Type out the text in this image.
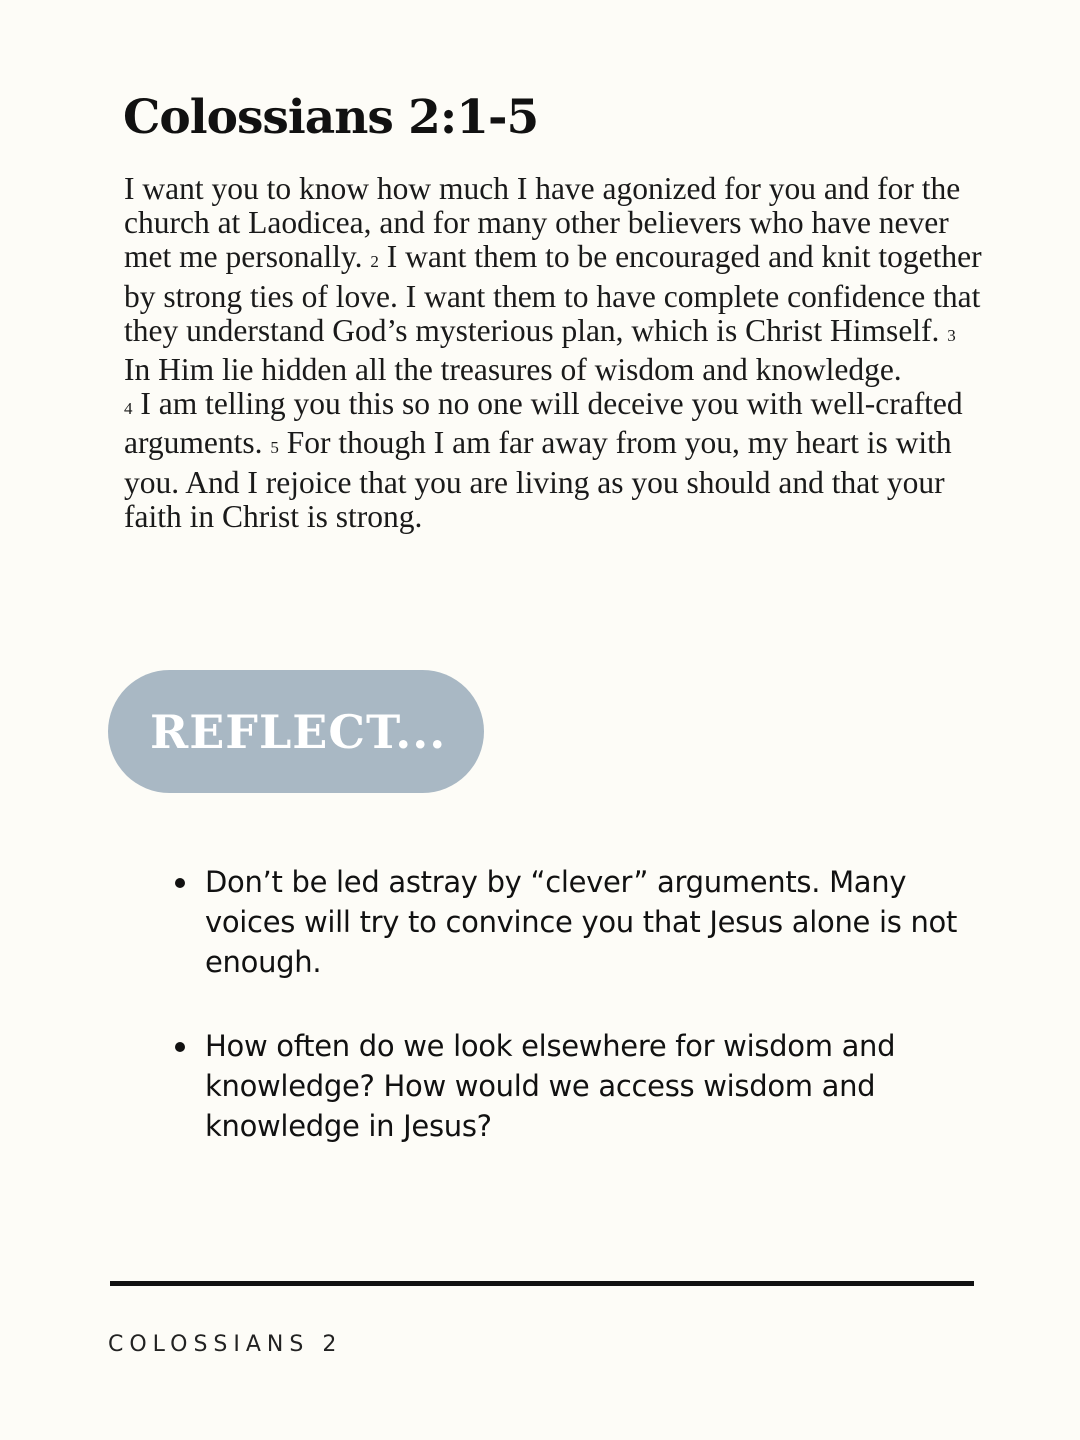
Colossians 2:1-5

I want you to know how much I have agonized for you and for the church at Laodicea, and for many other believers who have never met me personally. 2 I want them to be encouraged and knit together by strong ties of love. I want them to have complete confidence that they understand God’s mysterious plan, which is Christ Himself. 3 In Him lie hidden all the treasures of wisdom and knowledge.
4 I am telling you this so no one will deceive you with well-crafted arguments. 5 For though I am far away from you, my heart is with you. And I rejoice that you are living as you should and that your faith in Christ is strong.

REFLECT...
Don’t be led astray by “clever” arguments. Many voices will try to convince you that Jesus alone is not enough.
How often do we look elsewhere for wisdom and knowledge? How would we access wisdom and knowledge in Jesus?

COLOSSIANS 2
